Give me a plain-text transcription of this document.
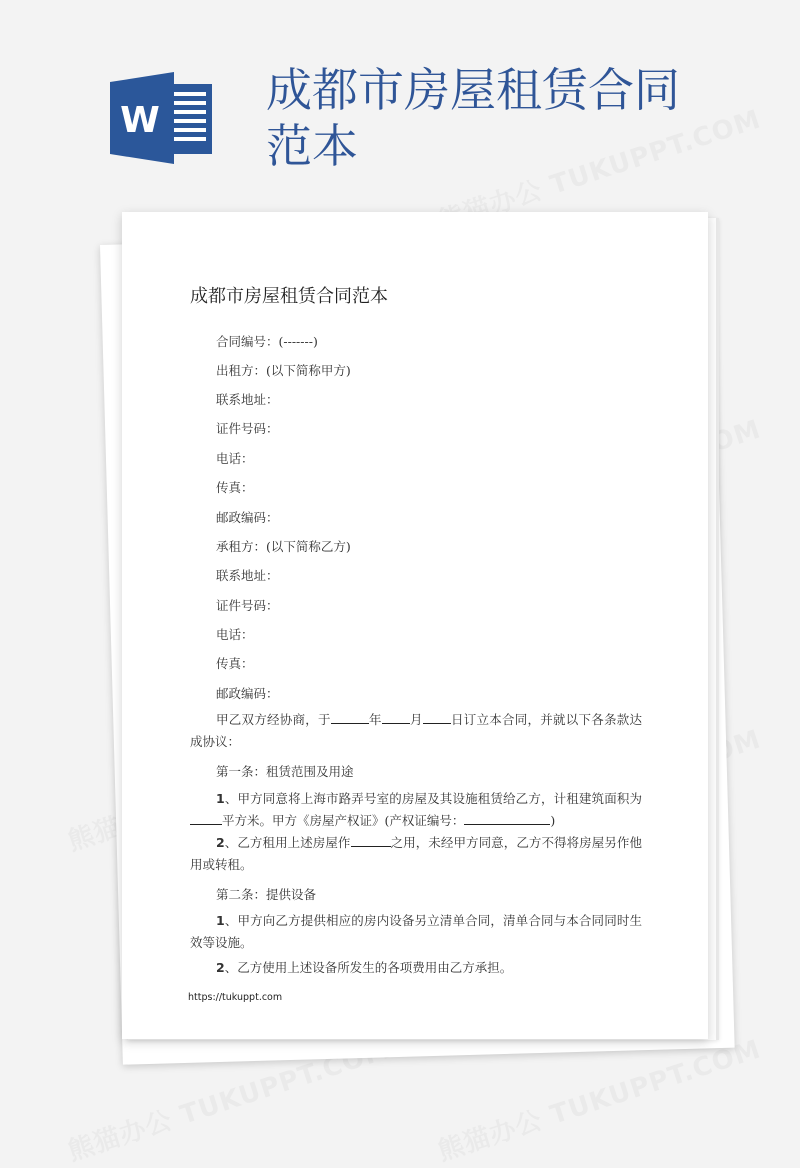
W
成都市房屋租赁合同范本
成都市房屋租赁合同范本
合同编号：(-------)
出租方：(以下简称甲方)
联系地址：
证件号码：
电话：
传真：
邮政编码：
承租方：(以下简称乙方)
联系地址：
证件号码：
电话：
传真：
邮政编码：
甲乙双方经协商，于	年 月 日订立本合同，并就以下各条款达成协议：
第一条：租赁范围及用途
1、甲方同意将上海市路弄号室的房屋及其设施租赁给乙方，计租建筑面积为平方米。甲方《房屋产权证》(产权证编号：	)
2、乙方租用上述房屋作	之用，未经甲方同意，乙方不得将房屋另作他用或转租。
第二条：提供设备
1、甲方向乙方提供相应的房内设备另立清单合同，清单合同与本合同同时生效等设施。
2、乙方使用上述设备所发生的各项费用由乙方承担。
https://tukuppt.com
